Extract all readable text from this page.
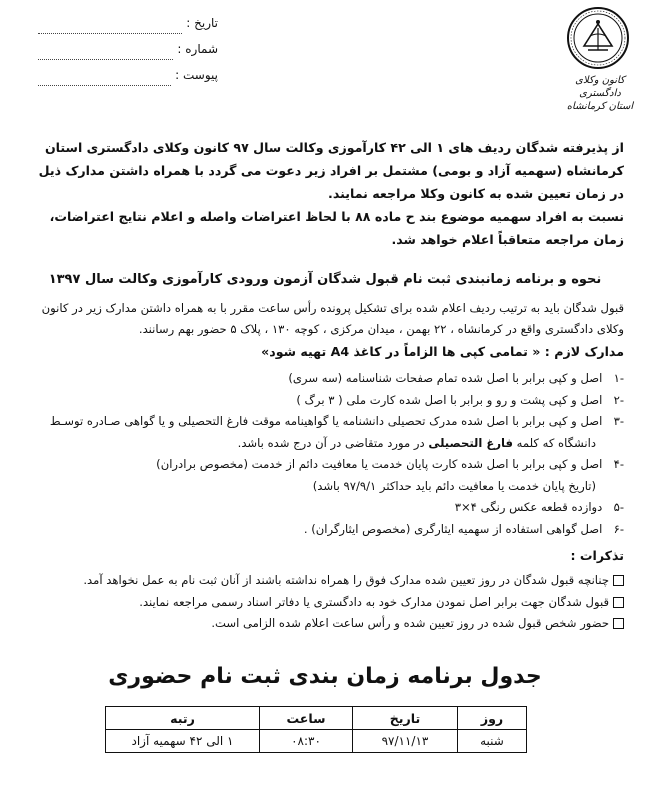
تاریخ :
شماره :
پیوست :	کانون وکلای دادگستری
استان کرمانشاه

از پذیرفته شدگان ردیف های ۱ الی ۴۲ کارآموزی وکالت سال ۹۷ کانون وکلای دادگستری استان کرمانشاه (سهمیه آزاد و بومی) مشتمل بر افراد زیر دعوت می گردد با همراه داشتن مدارک ذیل در زمان تعیین شده به کانون وکلا مراجعه نمایند.

نسبت به افراد سهمیه موضوع بند ح ماده ۸۸ با لحاظ اعتراضات واصله و اعلام نتایج اعتراضات، زمان مراجعه متعاقباً اعلام خواهد شد.

نحوه و برنامه زمانبندی ثبت نام قبول شدگان آزمون ورودی کارآموزی وکالت سال ۱۳۹۷

قبول شدگان باید به ترتیب ردیف اعلام شده برای تشکیل پرونده رأس ساعت مقرر با به همراه داشتن مدارک زیر در کانون وکلای دادگستری واقع در کرمانشاه ، ۲۲ بهمن ، میدان مرکزی ، کوچه ۱۳۰ ، پلاک ۵ حضور بهم رسانند.

مدارک لازم : « تمامی کپی ها الزاماً در کاغذ A4 تهیه شود»
-۱ اصل و کپی برابر با اصل شده تمام صفحات شناسنامه (سه سری)
-۲ اصل و کپی پشت و رو و برابر با اصل شده کارت ملی ( ۳ برگ )
-۳ اصل و کپی برابر با اصل شده مدرک تحصیلی دانشنامه یا گواهینامه موقت فارغ التحصیلی و یا گواهی صـادره توسـط
دانشگاه که کلمه فارغ التحصیلی در مورد متقاضی در آن درج شده باشد.
-۴ اصل و کپی برابر با اصل شده کارت پایان خدمت یا معافیت دائم از خدمت (مخصوص برادران)
(تاریخ پایان خدمت یا معافیت دائم باید حداکثر ۹۷/۹/۱ باشد)
-۵ دوازده قطعه عکس رنگی ۴×۳
-۶ اصل گواهی استفاده از سهمیه ایثارگری (مخصوص ایثارگران) .
تذکرات :
چنانچه قبول شدگان در روز تعیین شده مدارک فوق را همراه نداشته باشند از آنان ثبت نام به عمل نخواهد آمد.
قبول شدگان جهت برابر اصل نمودن مدارک خود به دادگستری یا دفاتر اسناد رسمی مراجعه نمایند.
حضور شخص قبول شده در روز تعیین شده و رأس ساعت اعلام شده الزامی است.
جدول برنامه زمان بندی ثبت نام حضوری
روز	تاریخ	ساعت	رتبه
شنبه	۹۷/۱۱/۱۳	۰۸:۳۰	۱ الی ۴۲ سهمیه آزاد
